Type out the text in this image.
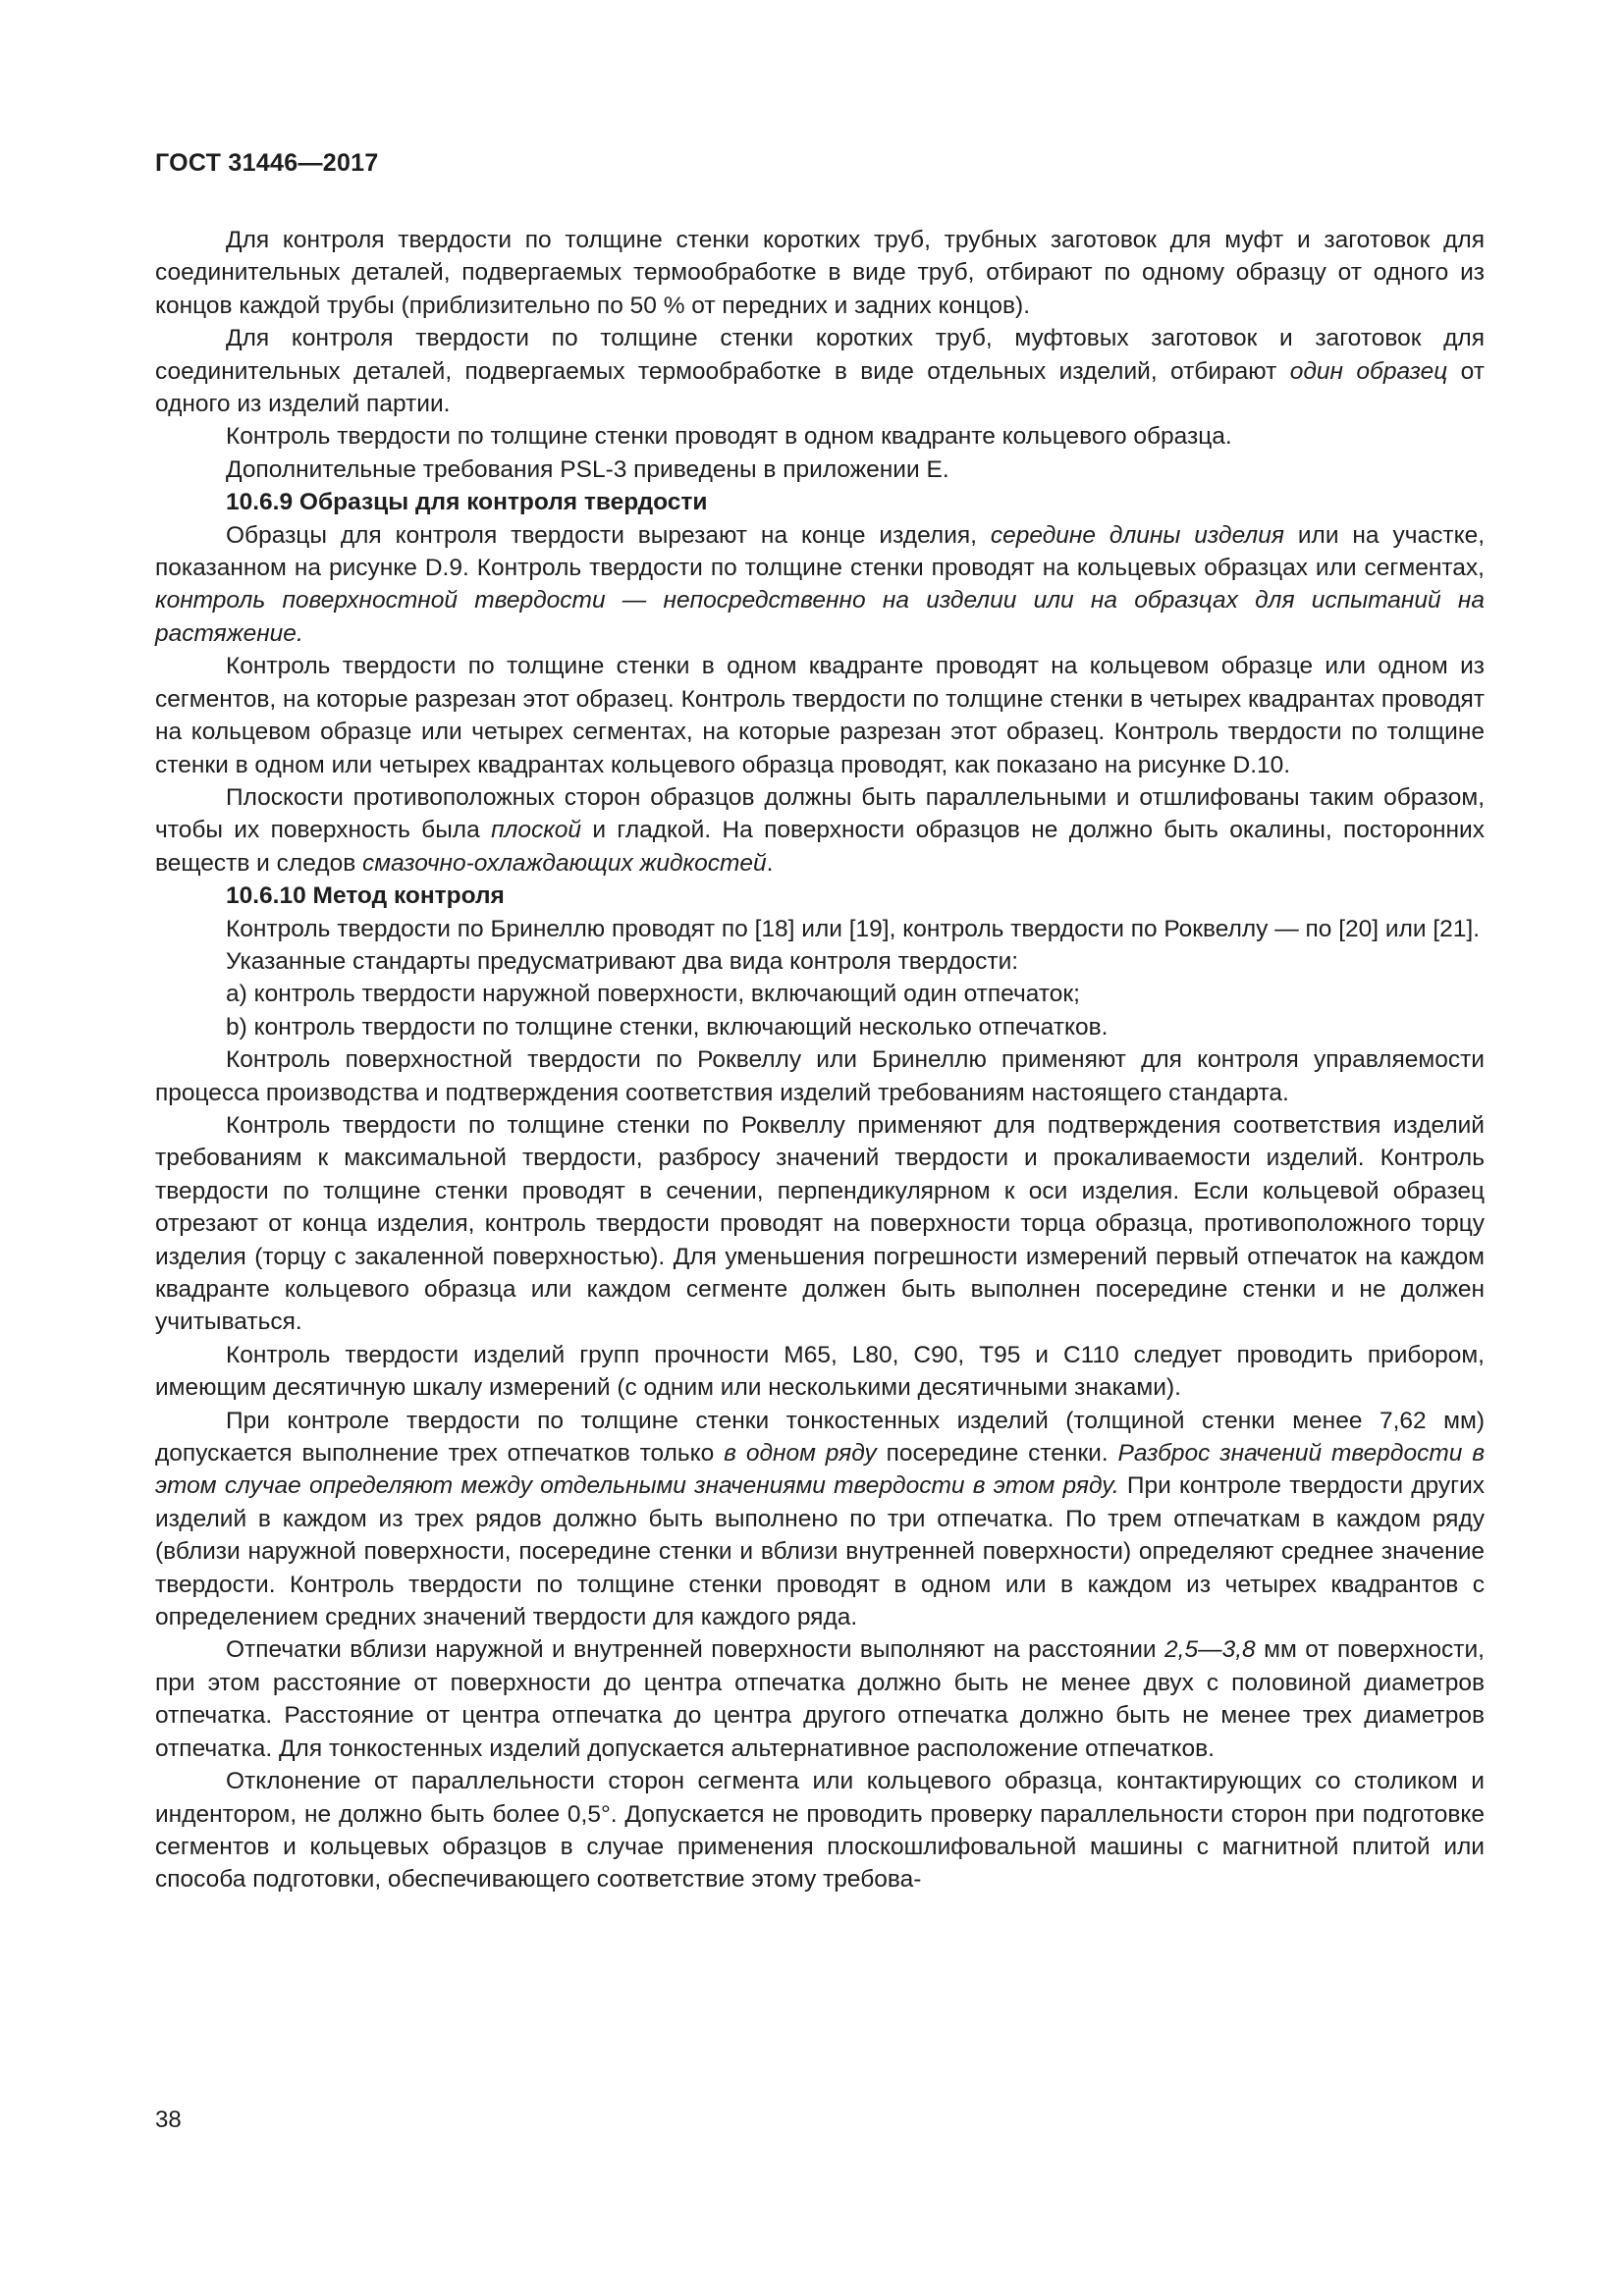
ГОСТ 31446—2017

Для контроля твердости по толщине стенки коротких труб, трубных заготовок для муфт и заготовок для соединительных деталей, подвергаемых термообработке в виде труб, отбирают по одному образцу от одного из концов каждой трубы (приблизительно по 50 % от передних и задних концов).

Для контроля твердости по толщине стенки коротких труб, муфтовых заготовок и заготовок для соединительных деталей, подвергаемых термообработке в виде отдельных изделий, отбирают один образец от одного из изделий партии.

Контроль твердости по толщине стенки проводят в одном квадранте кольцевого образца.

Дополнительные требования PSL-3 приведены в приложении Е.

10.6.9 Образцы для контроля твердости

Образцы для контроля твердости вырезают на конце изделия, середине длины изделия или на участке, показанном на рисунке D.9. Контроль твердости по толщине стенки проводят на кольцевых образцах или сегментах, контроль поверхностной твердости — непосредственно на изделии или на образцах для испытаний на растяжение.

Контроль твердости по толщине стенки в одном квадранте проводят на кольцевом образце или одном из сегментов, на которые разрезан этот образец. Контроль твердости по толщине стенки в четырех квадрантах проводят на кольцевом образце или четырех сегментах, на которые разрезан этот образец. Контроль твердости по толщине стенки в одном или четырех квадрантах кольцевого образца проводят, как показано на рисунке D.10.

Плоскости противоположных сторон образцов должны быть параллельными и отшлифованы таким образом, чтобы их поверхность была плоской и гладкой. На поверхности образцов не должно быть окалины, посторонних веществ и следов смазочно-охлаждающих жидкостей.

10.6.10 Метод контроля

Контроль твердости по Бринеллю проводят по [18] или [19], контроль твердости по Роквеллу — по [20] или [21].

Указанные стандарты предусматривают два вида контроля твердости:

a) контроль твердости наружной поверхности, включающий один отпечаток;

b) контроль твердости по толщине стенки, включающий несколько отпечатков.

Контроль поверхностной твердости по Роквеллу или Бринеллю применяют для контроля управляемости процесса производства и подтверждения соответствия изделий требованиям настоящего стандарта.

Контроль твердости по толщине стенки по Роквеллу применяют для подтверждения соответствия изделий требованиям к максимальной твердости, разбросу значений твердости и прокаливаемости изделий. Контроль твердости по толщине стенки проводят в сечении, перпендикулярном к оси изделия. Если кольцевой образец отрезают от конца изделия, контроль твердости проводят на поверхности торца образца, противоположного торцу изделия (торцу с закаленной поверхностью). Для уменьшения погрешности измерений первый отпечаток на каждом квадранте кольцевого образца или каждом сегменте должен быть выполнен посередине стенки и не должен учитываться.

Контроль твердости изделий групп прочности М65, L80, С90, Т95 и С110 следует проводить прибором, имеющим десятичную шкалу измерений (с одним или несколькими десятичными знаками).

При контроле твердости по толщине стенки тонкостенных изделий (толщиной стенки менее 7,62 мм) допускается выполнение трех отпечатков только в одном ряду посередине стенки. Разброс значений твердости в этом случае определяют между отдельными значениями твердости в этом ряду. При контроле твердости других изделий в каждом из трех рядов должно быть выполнено по три отпечатка. По трем отпечаткам в каждом ряду (вблизи наружной поверхности, посередине стенки и вблизи внутренней поверхности) определяют среднее значение твердости. Контроль твердости по толщине стенки проводят в одном или в каждом из четырех квадрантов с определением средних значений твердости для каждого ряда.

Отпечатки вблизи наружной и внутренней поверхности выполняют на расстоянии 2,5—3,8 мм от поверхности, при этом расстояние от поверхности до центра отпечатка должно быть не менее двух с половиной диаметров отпечатка. Расстояние от центра отпечатка до центра другого отпечатка должно быть не менее трех диаметров отпечатка. Для тонкостенных изделий допускается альтернативное расположение отпечатков.

Отклонение от параллельности сторон сегмента или кольцевого образца, контактирующих со столиком и индентором, не должно быть более 0,5°. Допускается не проводить проверку параллельности сторон при подготовке сегментов и кольцевых образцов в случае применения плоскошлифовальной машины с магнитной плитой или способа подготовки, обеспечивающего соответствие этому требова-

38
